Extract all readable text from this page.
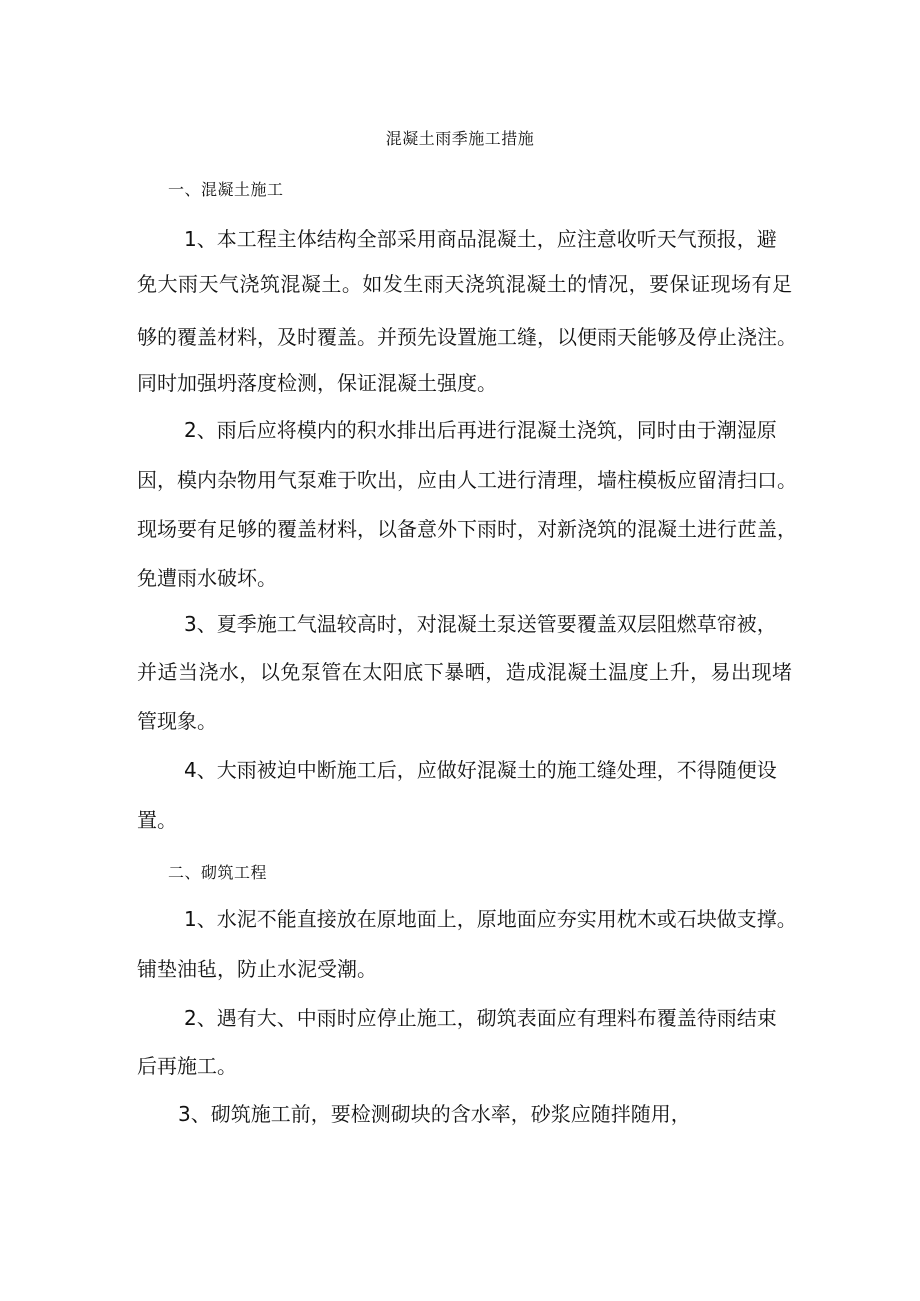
混凝土雨季施工措施
一、混凝土施工
1、本工程主体结构全部采用商品混凝土，应注意收听天气预报，避
免大雨天气浇筑混凝土。如发生雨天浇筑混凝土的情况，要保证现场有足
够的覆盖材料，及时覆盖。并预先设置施工缝，以便雨天能够及停止浇注。
同时加强坍落度检测，保证混凝土强度。
2、雨后应将模内的积水排出后再进行混凝土浇筑，同时由于潮湿原
因，模内杂物用气泵难于吹出，应由人工进行清理，墙柱模板应留清扫口。
现场要有足够的覆盖材料，以备意外下雨时，对新浇筑的混凝土进行苉盖，
免遭雨水破坏。
3、夏季施工气温较高时，对混凝土泵送管要覆盖双层阻燃草帘被，
并适当浇水，以免泵管在太阳底下暴晒，造成混凝土温度上升，易出现堵
管现象。
4、大雨被迫中断施工后，应做好混凝土的施工缝处理，不得随便设
置。
二、砌筑工程
1、水泥不能直接放在原地面上，原地面应夯实用枕木或石块做支撑。
铺垫油毡，防止水泥受潮。
2、遇有大、中雨时应停止施工，砌筑表面应有理料布覆盖待雨结束
后再施工。
3、砌筑施工前，要检测砌块的含水率，砂浆应随拌随用，
